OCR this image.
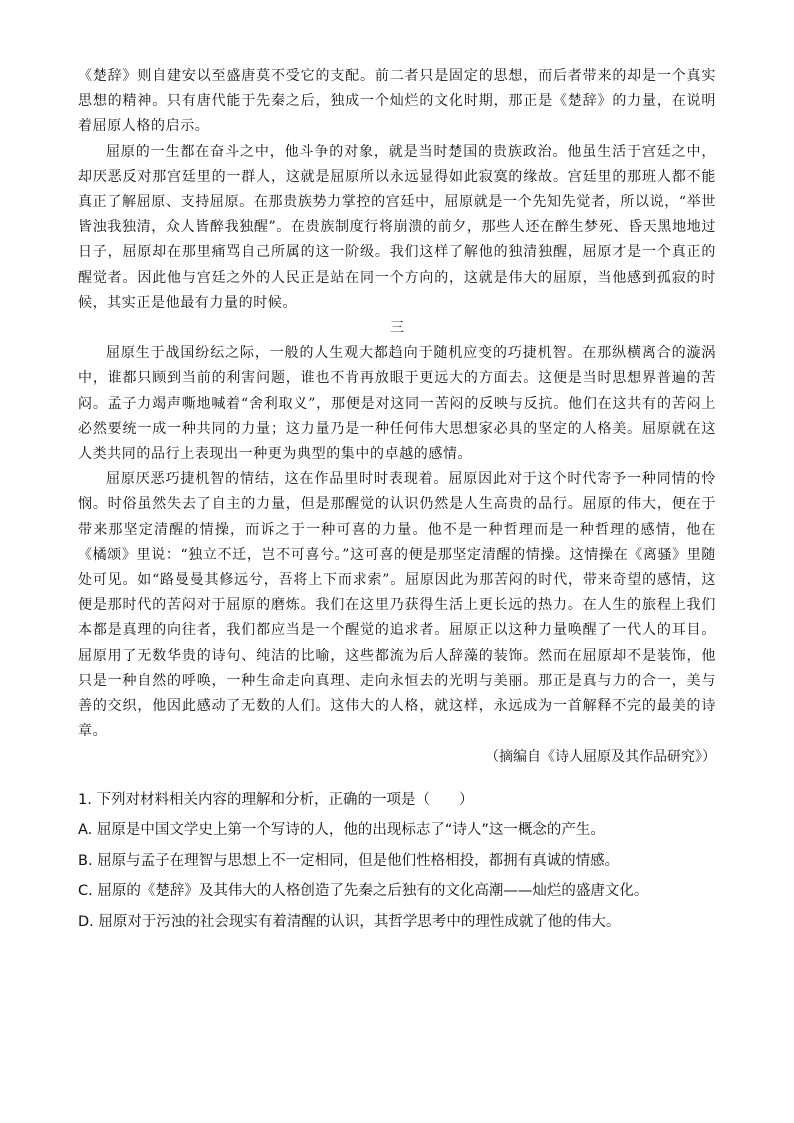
《楚辞》则自建安以至盛唐莫不受它的支配。前二者只是固定的思想，而后者带来的却是一个真实思想的精神。只有唐代能于先秦之后，独成一个灿烂的文化时期，那正是《楚辞》的力量，在说明着屈原人格的启示。

屈原的一生都在奋斗之中，他斗争的对象，就是当时楚国的贵族政治。他虽生活于宫廷之中，却厌恶反对那宫廷里的一群人，这就是屈原所以永远显得如此寂寞的缘故。宫廷里的那班人都不能真正了解屈原、支持屈原。在那贵族势力掌控的宫廷中，屈原就是一个先知先觉者，所以说，“举世皆浊我独清，众人皆醉我独醒”。在贵族制度行将崩溃的前夕，那些人还在醉生梦死、昏天黑地地过日子，屈原却在那里痛骂自己所属的这一阶级。我们这样了解他的独清独醒，屈原才是一个真正的醒觉者。因此他与宫廷之外的人民正是站在同一个方向的，这就是伟大的屈原，当他感到孤寂的时候，其实正是他最有力量的时候。

三

屈原生于战国纷纭之际，一般的人生观大都趋向于随机应变的巧捷机智。在那纵横离合的漩涡中，谁都只顾到当前的利害问题，谁也不肯再放眼于更远大的方面去。这便是当时思想界普遍的苦闷。孟子力竭声嘶地喊着“舍利取义”，那便是对这同一苦闷的反映与反抗。他们在这共有的苦闷上必然要统一成一种共同的力量；这力量乃是一种任何伟大思想家必具的坚定的人格美。屈原就在这人类共同的品行上表现出一种更为典型的集中的卓越的感情。

屈原厌恶巧捷机智的情结，这在作品里时时表现着。屈原因此对于这个时代寄予一种同情的怜悯。时俗虽然失去了自主的力量，但是那醒觉的认识仍然是人生高贵的品行。屈原的伟大，便在于带来那坚定清醒的情操，而诉之于一种可喜的力量。他不是一种哲理而是一种哲理的感情，他在《橘颂》里说：“独立不迁，岂不可喜兮。”这可喜的便是那坚定清醒的情操。这情操在《离骚》里随处可见。如“路曼曼其修远兮，吾将上下而求索”。屈原因此为那苦闷的时代，带来奇望的感情，这便是那时代的苦闷对于屈原的磨炼。我们在这里乃获得生活上更长远的热力。在人生的旅程上我们本都是真理的向往者，我们都应当是一个醒觉的追求者。屈原正以这种力量唤醒了一代人的耳目。屈原用了无数华贵的诗句、纯洁的比喻，这些都流为后人辞藻的装饰。然而在屈原却不是装饰，他只是一种自然的呼唤，一种生命走向真理、走向永恒去的光明与美丽。那正是真与力的合一，美与善的交织，他因此感动了无数的人们。这伟大的人格，就这样，永远成为一首解释不完的最美的诗章。

（摘编自《诗人屈原及其作品研究》）

1. 下列对材料相关内容的理解和分析，正确的一项是（　　）

A. 屈原是中国文学史上第一个写诗的人，他的出现标志了“诗人”这一概念的产生。

B. 屈原与孟子在理智与思想上不一定相同，但是他们性格相投，都拥有真诚的情感。

C. 屈原的《楚辞》及其伟大的人格创造了先秦之后独有的文化高潮——灿烂的盛唐文化。

D. 屈原对于污浊的社会现实有着清醒的认识，其哲学思考中的理性成就了他的伟大。
